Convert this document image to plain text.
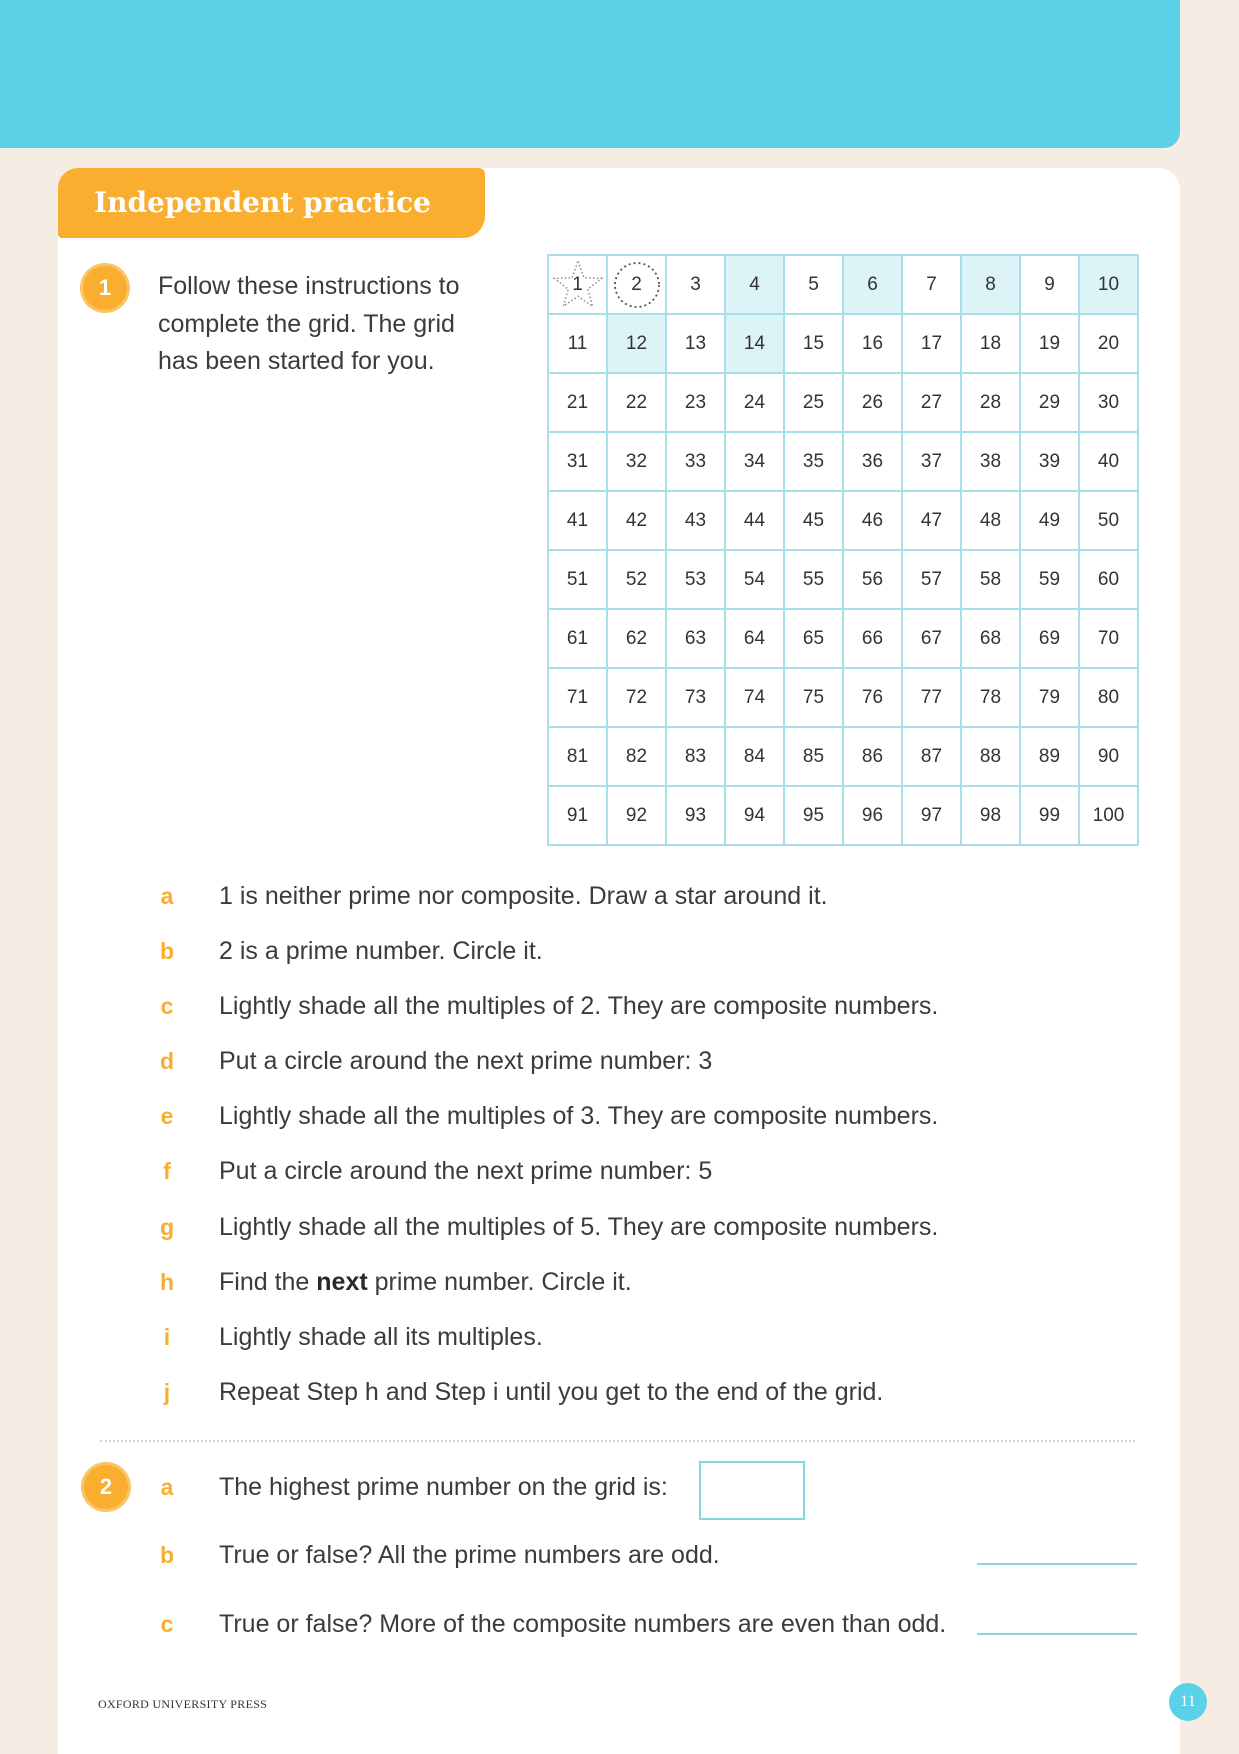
Independent practice
1	Follow these instructions to
complete the grid. The grid
has been started for you.
1	2	3	4	5	6	7	8	9 10
11 12 13 14 15 16 17 18 19 20
21 22 23 24 25 26 27 28 29 30
31 32 33 34 35 36 37 38 39 40
41 42 43 44 45 46 47 48 49 50
51 52 53 54 55 56 57 58 59 60
61 62 63 64 65 66 67 68 69 70
71 72 73 74 75 76 77 78 79 80
81 82 83 84 85 86 87 88 89 90
91 92 93 94 95 96 97 98 99 100
a 1 is neither prime nor composite. Draw a star around it.
b 2 is a prime number. Circle it.
c Lightly shade all the multiples of 2. They are composite numbers.
d Put a circle around the next prime number: 3
e Lightly shade all the multiples of 3. They are composite numbers.
f	Put a circle around the next prime number: 5
g Lightly shade all the multiples of 5. They are composite numbers.
h Find the next prime number. Circle it.
i	Lightly shade all its multiples.
j	Repeat Step h and Step i until you get to the end of the grid.
2	a The highest prime number on the grid is:
b True or false? All the prime numbers are odd.
c True or false? More of the composite numbers are even than odd.
OXFORD UNIVERSITY PRESS	11
